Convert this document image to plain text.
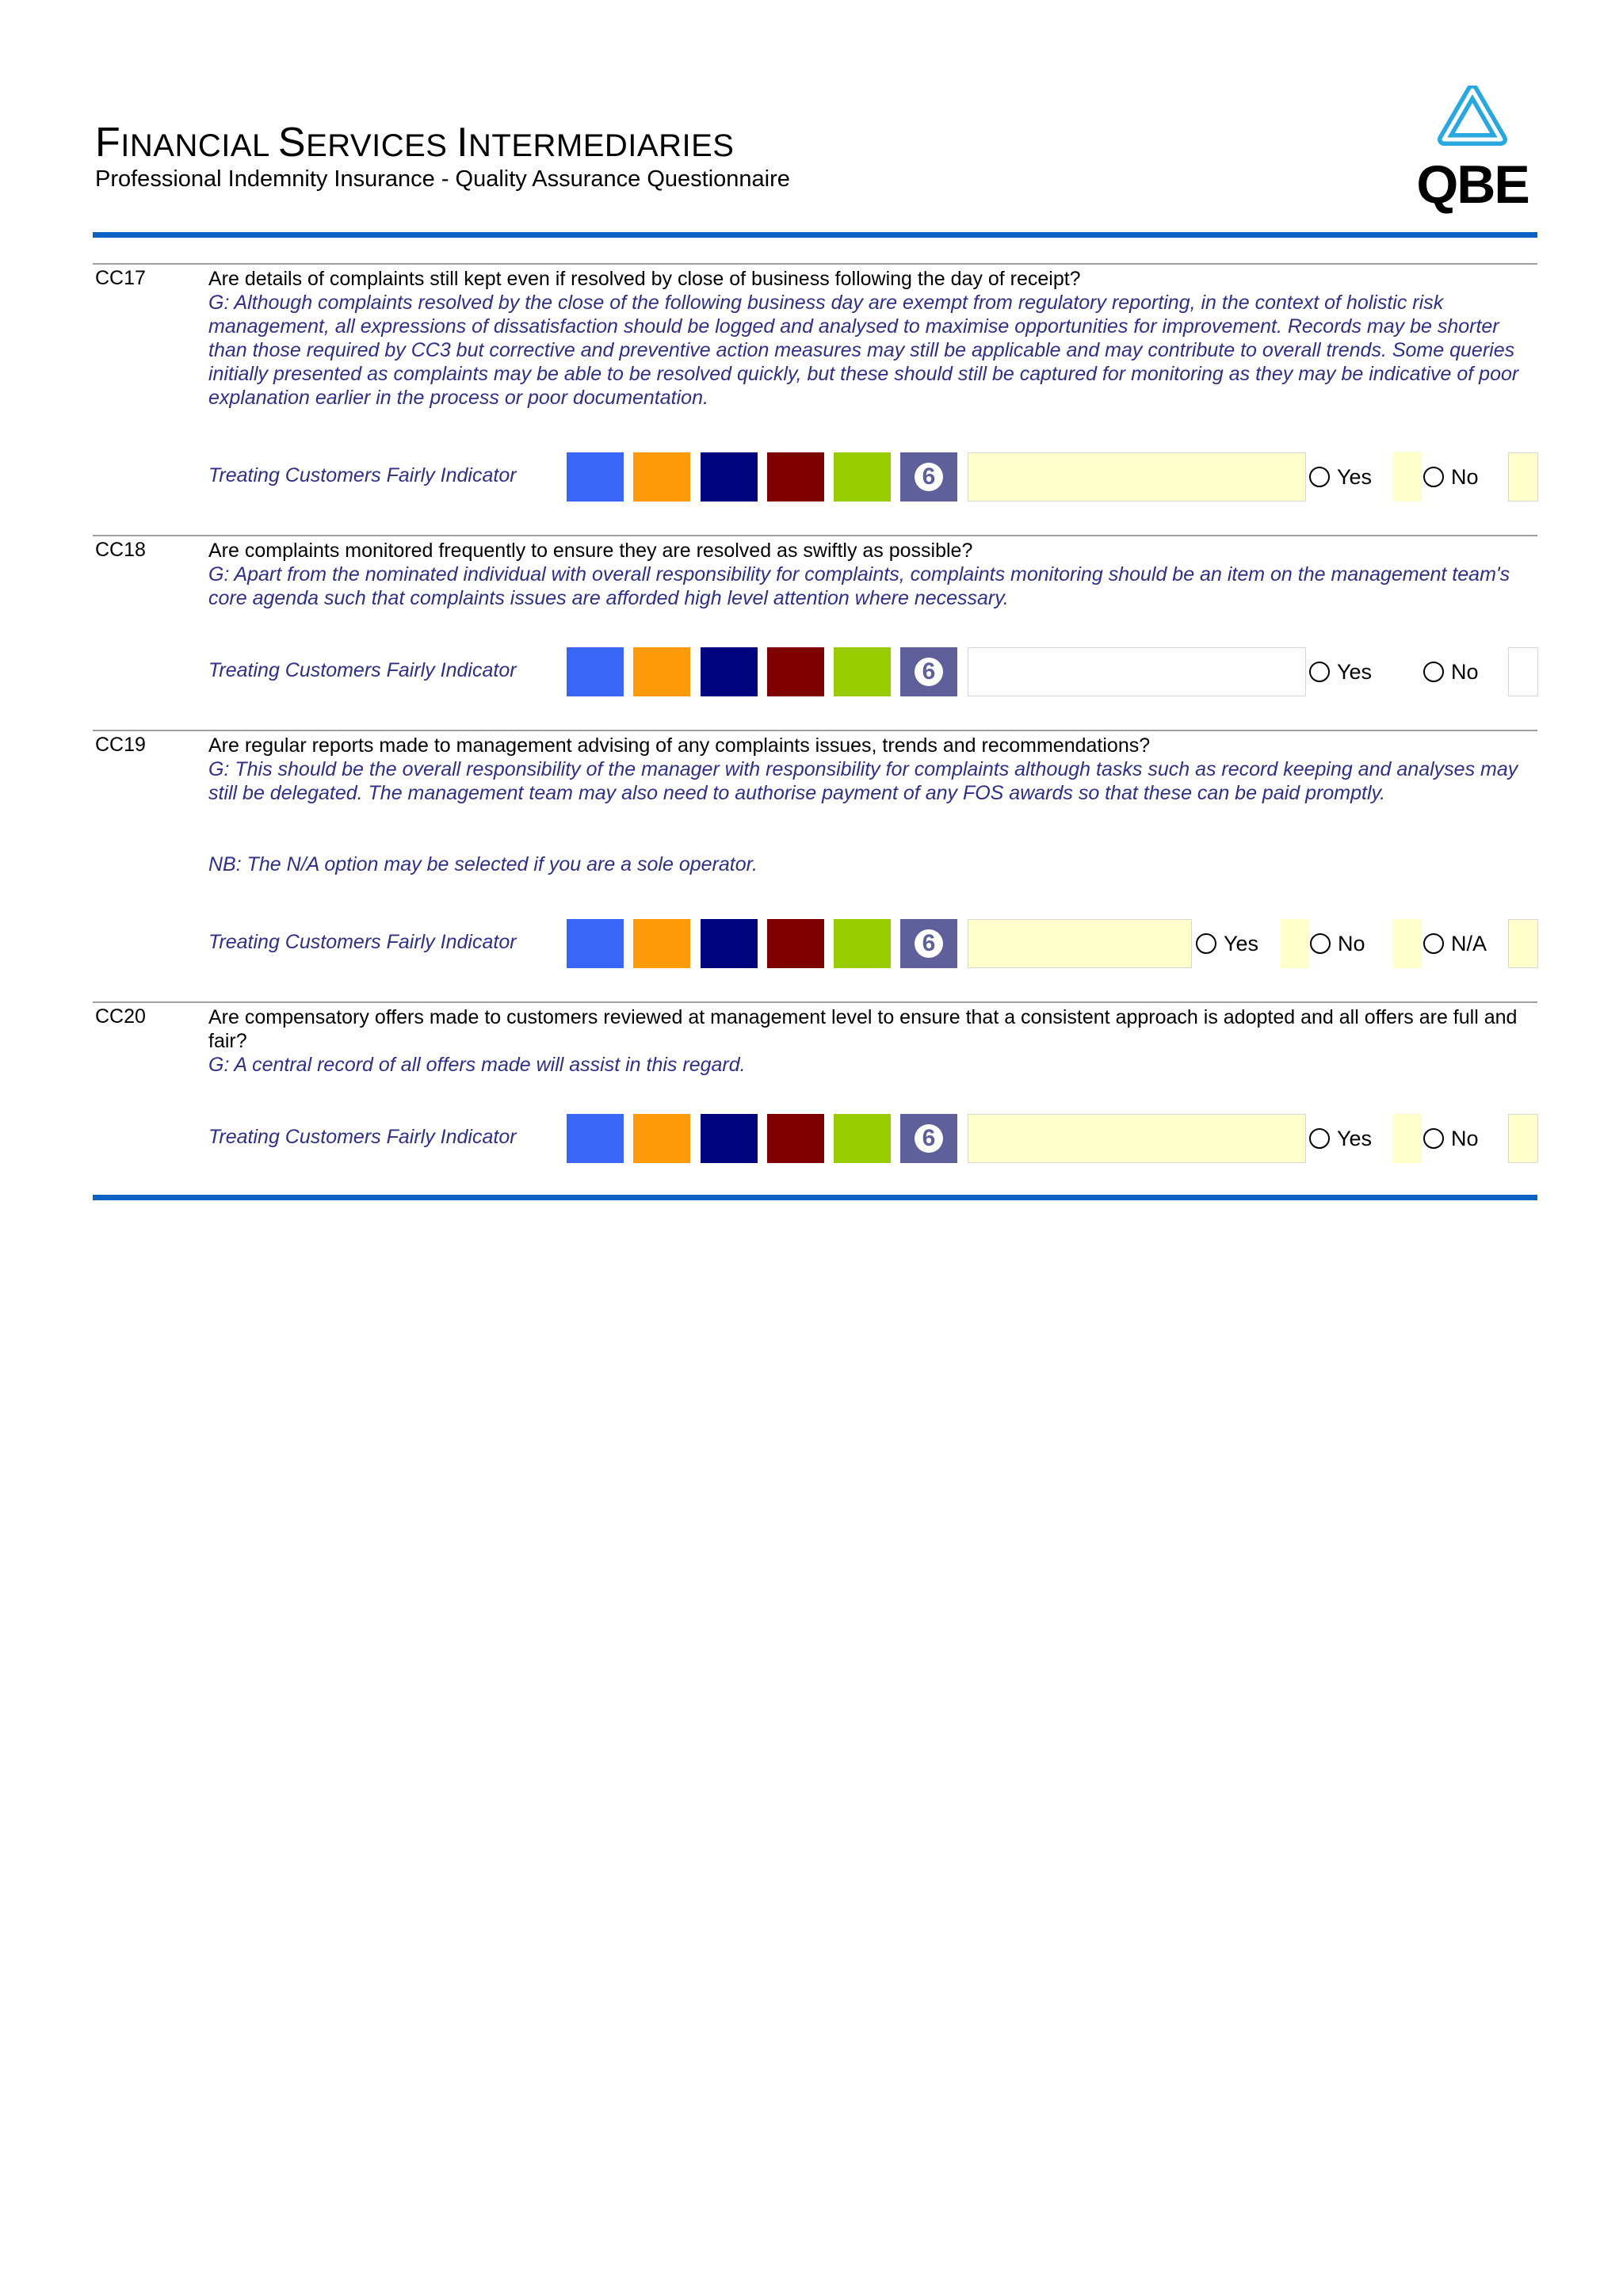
FINANCIAL SERVICES INTERMEDIARIES
Professional Indemnity Insurance - Quality Assurance Questionnaire	QBE
CC17	Are details of complaints still kept even if resolved by close of business following the day of receipt?
G: Although complaints resolved by the close of the following business day are exempt from regulatory reporting, in the context of holistic risk management, all expressions of dissatisfaction should be logged and analysed to maximise opportunities for improvement. Records may be shorter than those required by CC3 but corrective and preventive action measures may still be applicable and may contribute to overall trends. Some queries initially presented as complaints may be able to be resolved quickly, but these should still be captured for monitoring as they may be indicative of poor explanation earlier in the process or poor documentation.
Treating Customers Fairly Indicator	6	Yes	No
CC18	Are complaints monitored frequently to ensure they are resolved as swiftly as possible?
G: Apart from the nominated individual with overall responsibility for complaints, complaints monitoring should be an item on the management team's core agenda such that complaints issues are afforded high level attention where necessary.
Treating Customers Fairly Indicator	6	Yes	No
CC19	Are regular reports made to management advising of any complaints issues, trends and recommendations?
G: This should be the overall responsibility of the manager with responsibility for complaints although tasks such as record keeping and analyses may still be delegated. The management team may also need to authorise payment of any FOS awards so that these can be paid promptly.
NB: The N/A option may be selected if you are a sole operator.
Treating Customers Fairly Indicator	6	Yes	No	N/A
CC20	Are compensatory offers made to customers reviewed at management level to ensure that a consistent approach is adopted and all offers are full and fair?
G: A central record of all offers made will assist in this regard.
Treating Customers Fairly Indicator	6	Yes	No
